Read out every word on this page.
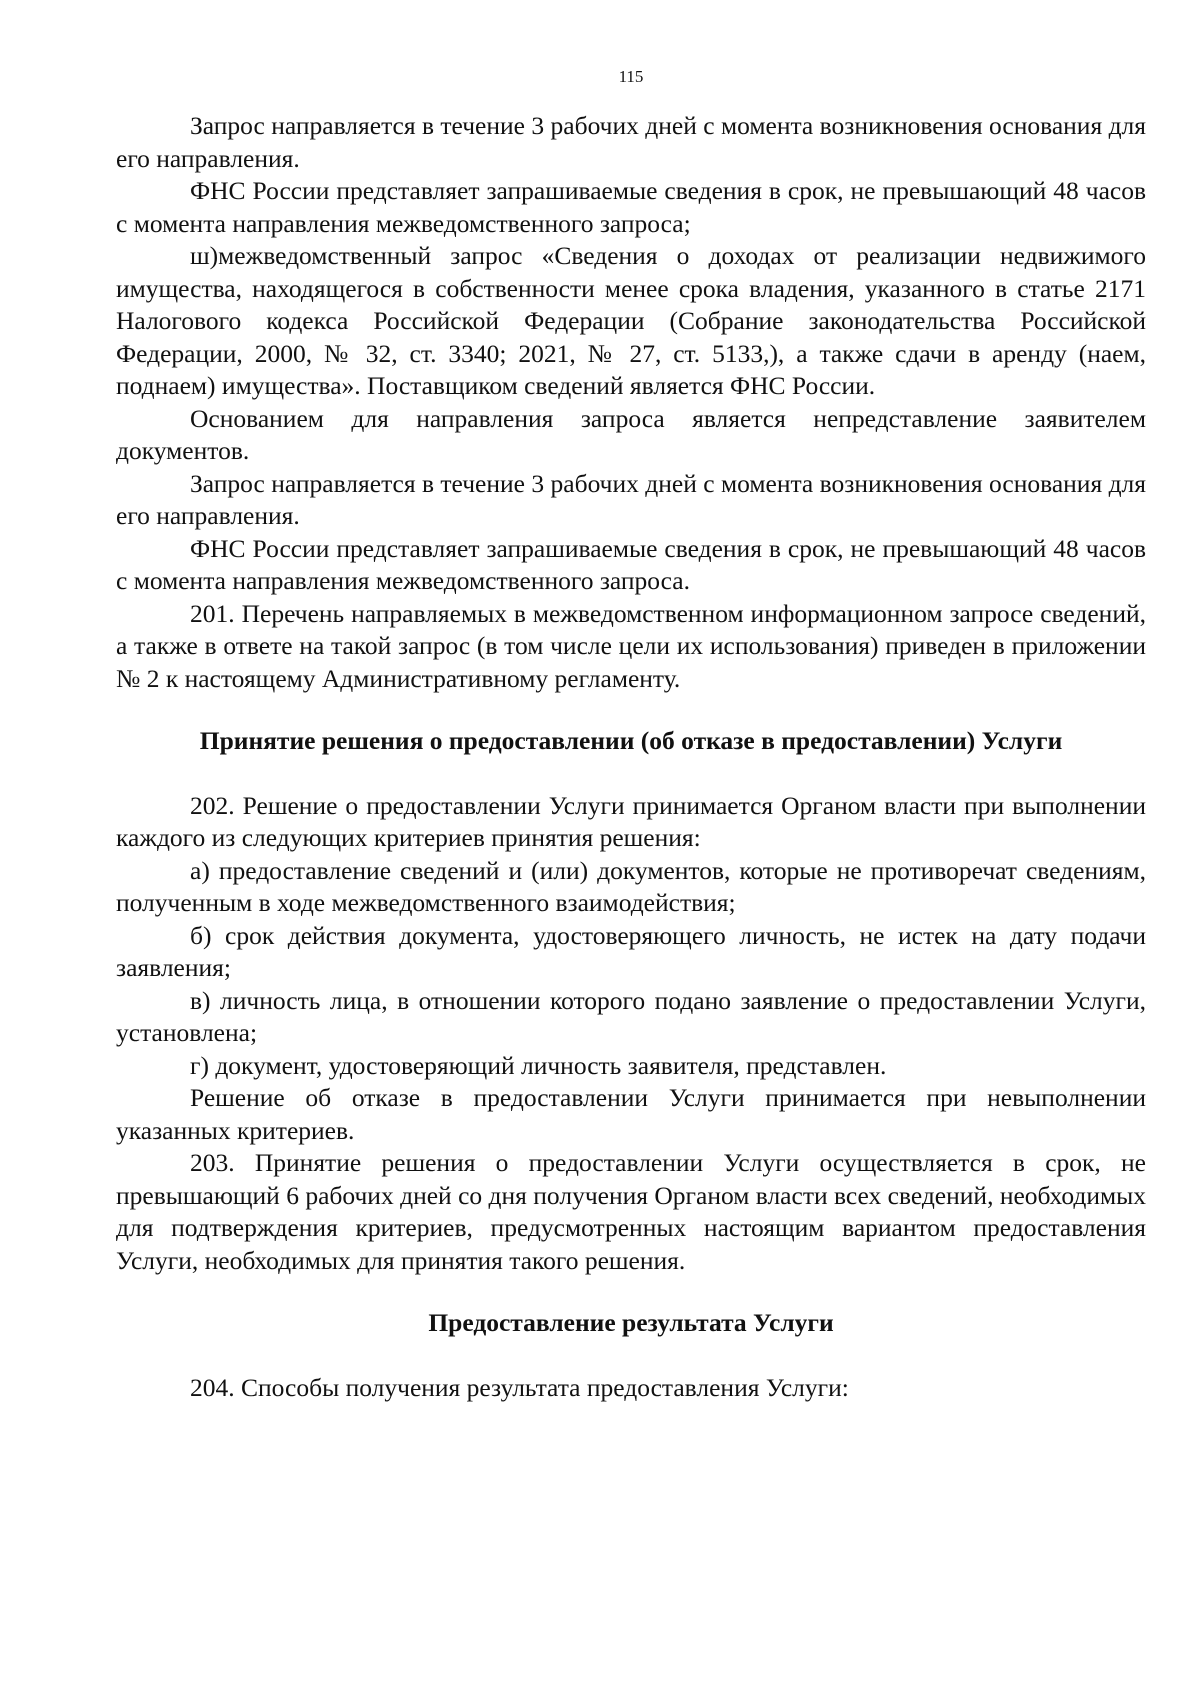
115

Запрос направляется в течение 3 рабочих дней с момента возникновения основания для его направления.

ФНС России представляет запрашиваемые сведения в срок, не превышающий 48 часов с момента направления межведомственного запроса;

ш)межведомственный запрос «Сведения о доходах от реализации недвижимого имущества, находящегося в собственности менее срока владения, указанного в статье 2171 Налогового кодекса Российской Федерации (Собрание законодательства Российской Федерации, 2000, № 32, ст. 3340; 2021, № 27, ст. 5133,), а также сдачи в аренду (наем, поднаем) имущества». Поставщиком сведений является ФНС России.

Основанием для направления запроса является непредставление заявителем документов.

Запрос направляется в течение 3 рабочих дней с момента возникновения основания для его направления.

ФНС России представляет запрашиваемые сведения в срок, не превышающий 48 часов с момента направления межведомственного запроса.

201. Перечень направляемых в межведомственном информационном запросе сведений, а также в ответе на такой запрос (в том числе цели их использования) приведен в приложении № 2 к настоящему Административному регламенту.

Принятие решения о предоставлении (об отказе в предоставлении) Услуги

202. Решение о предоставлении Услуги принимается Органом власти при выполнении каждого из следующих критериев принятия решения:

а) предоставление сведений и (или) документов, которые не противоречат сведениям, полученным в ходе межведомственного взаимодействия;

б) срок действия документа, удостоверяющего личность, не истек на дату подачи заявления;

в) личность лица, в отношении которого подано заявление о предоставлении Услуги, установлена;

г) документ, удостоверяющий личность заявителя, представлен.

Решение об отказе в предоставлении Услуги принимается при невыполнении указанных критериев.

203. Принятие решения о предоставлении Услуги осуществляется в срок, не превышающий 6 рабочих дней со дня получения Органом власти всех сведений, необходимых для подтверждения критериев, предусмотренных настоящим вариантом предоставления Услуги, необходимых для принятия такого решения.

Предоставление результата Услуги

204. Способы получения результата предоставления Услуги:
